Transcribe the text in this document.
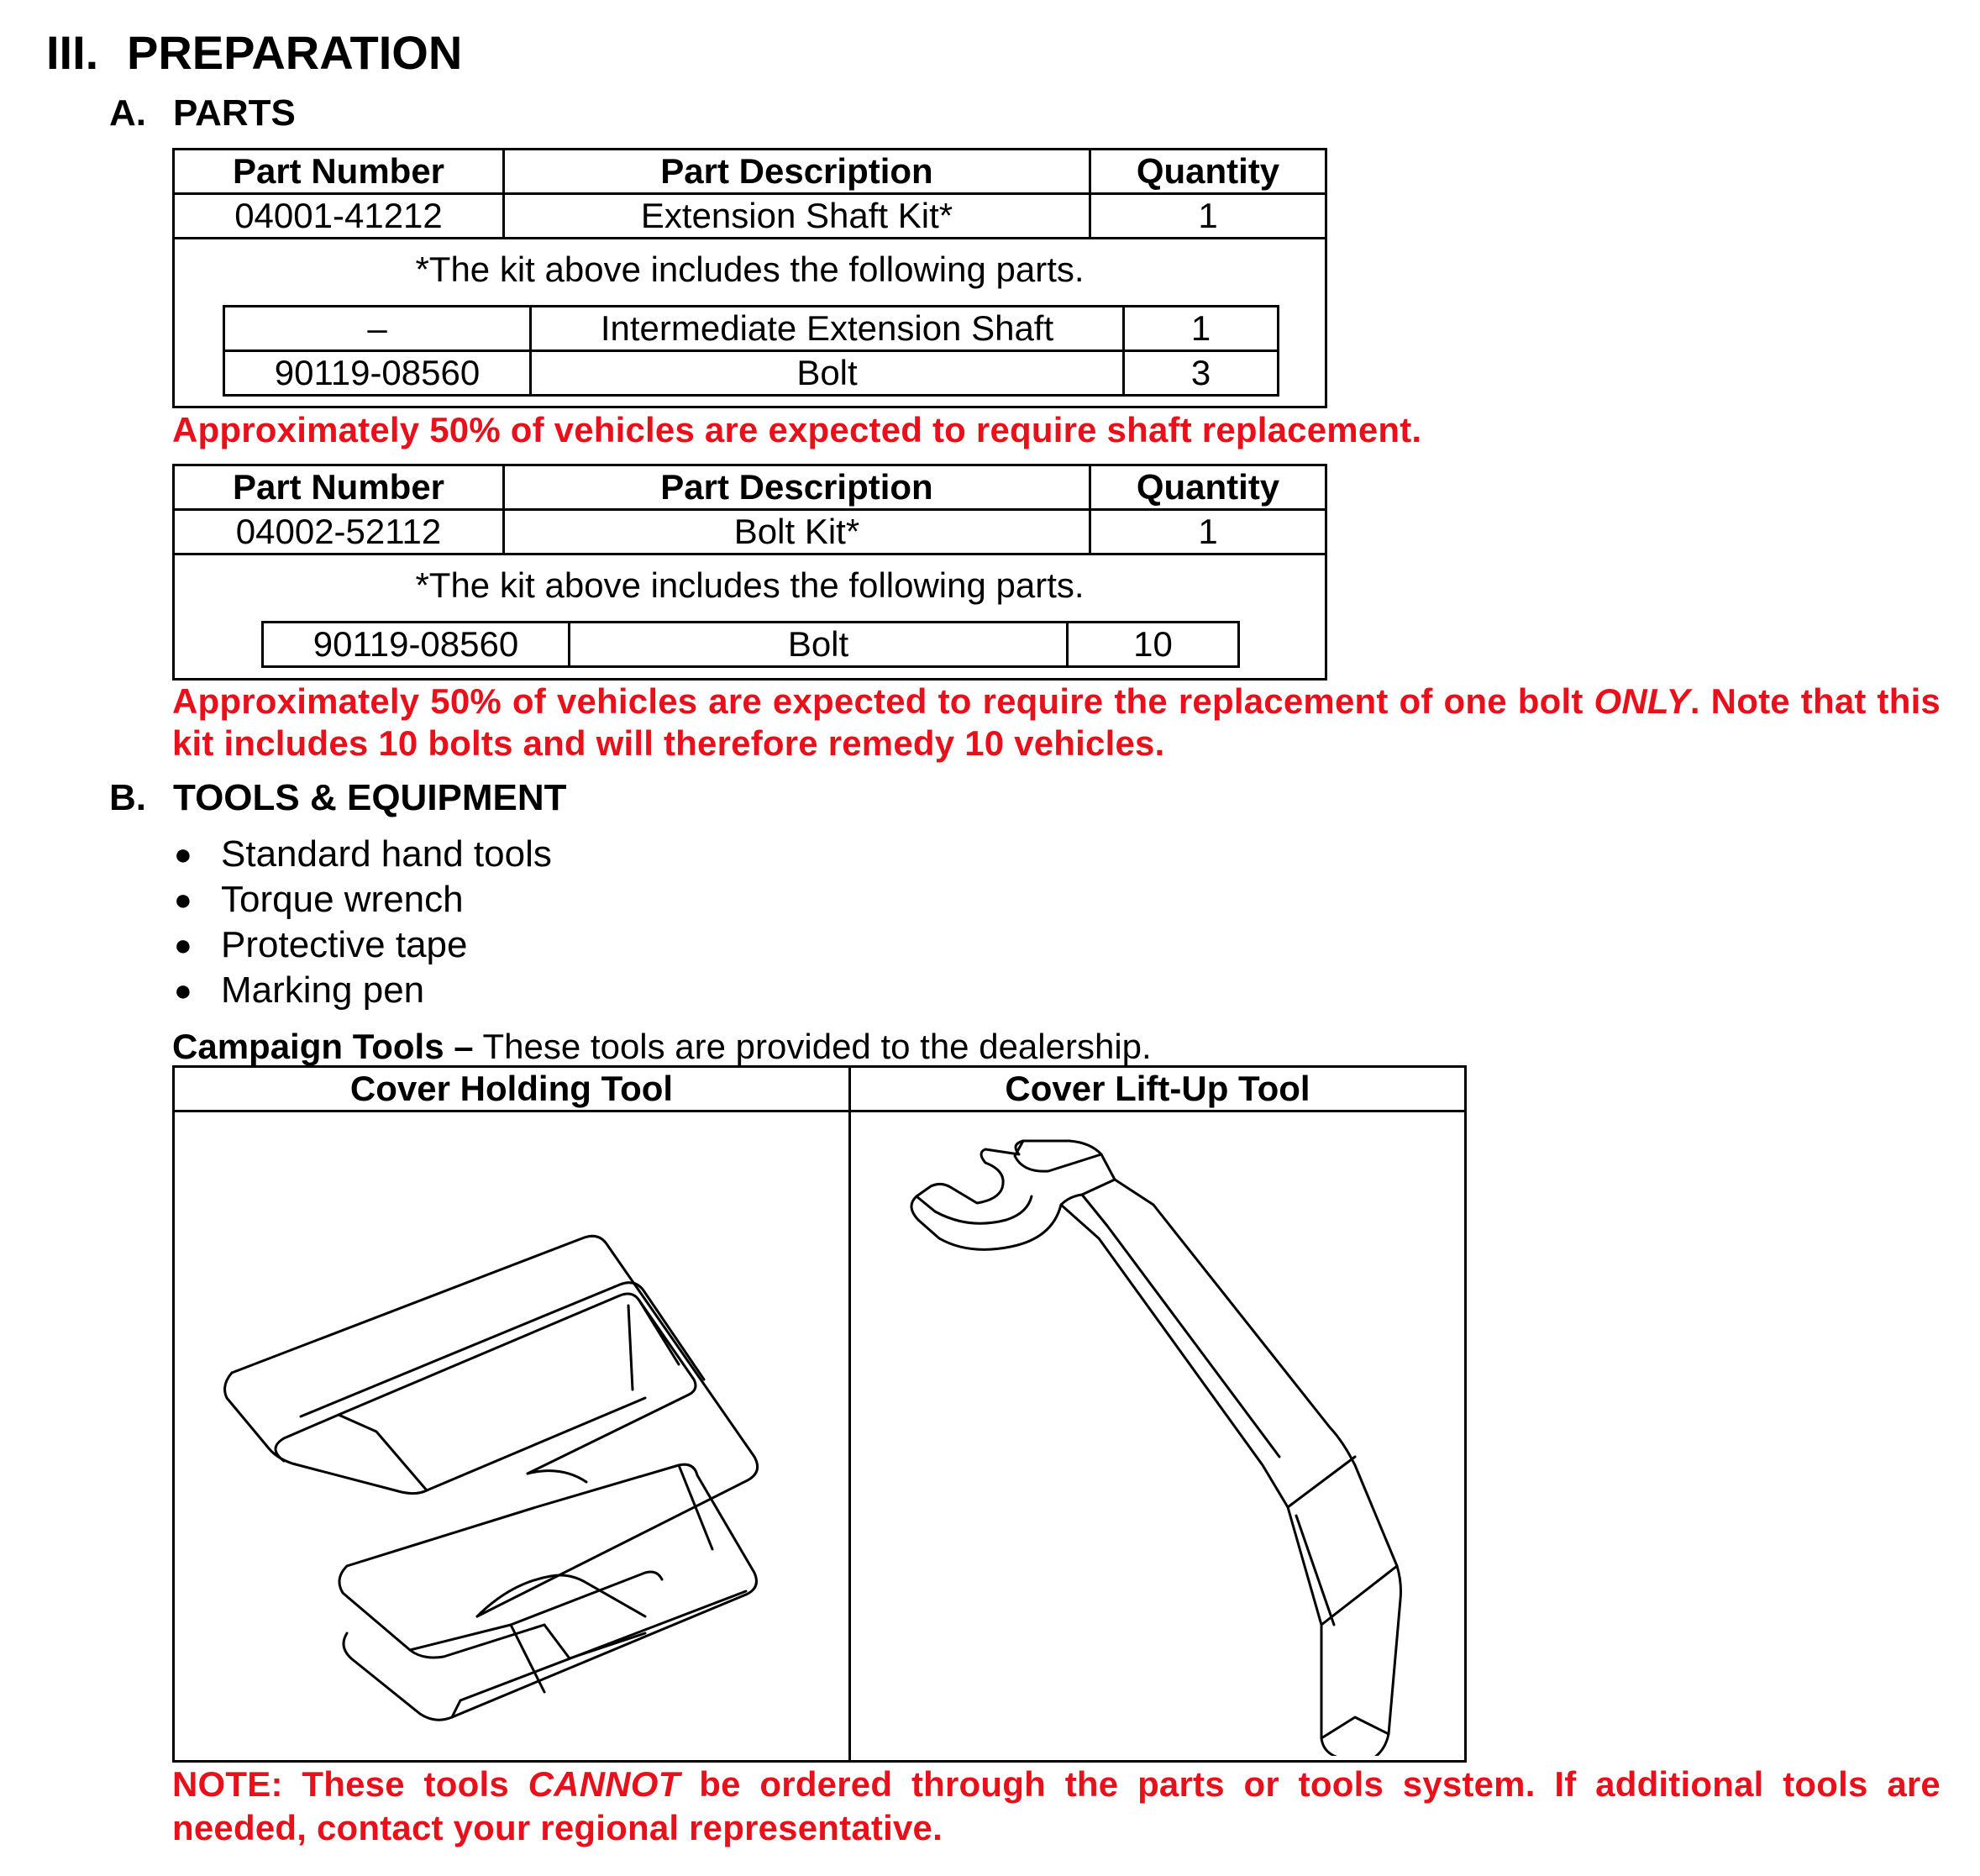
III. PREPARATION
A. PARTS
Part Number	Part Description	Quantity
04001-41212	Extension Shaft Kit*	1
*The kit above includes the following parts.
–	Intermediate Extension Shaft	1
90119-08560	Bolt	3
Approximately 50% of vehicles are expected to require shaft replacement.
Part Number	Part Description	Quantity
04002-52112	Bolt Kit*	1
*The kit above includes the following parts.
90119-08560	Bolt	10
Approximately 50% of vehicles are expected to require the replacement of one bolt ONLY. Note that this kit includes 10 bolts and will therefore remedy 10 vehicles.
B. TOOLS & EQUIPMENT
● Standard hand tools
● Torque wrench
● Protective tape
● Marking pen
Campaign Tools – These tools are provided to the dealership.
Cover Holding Tool	Cover Lift-Up Tool

NOTE: These tools CANNOT be ordered through the parts or tools system. If additional tools are needed, contact your regional representative.
